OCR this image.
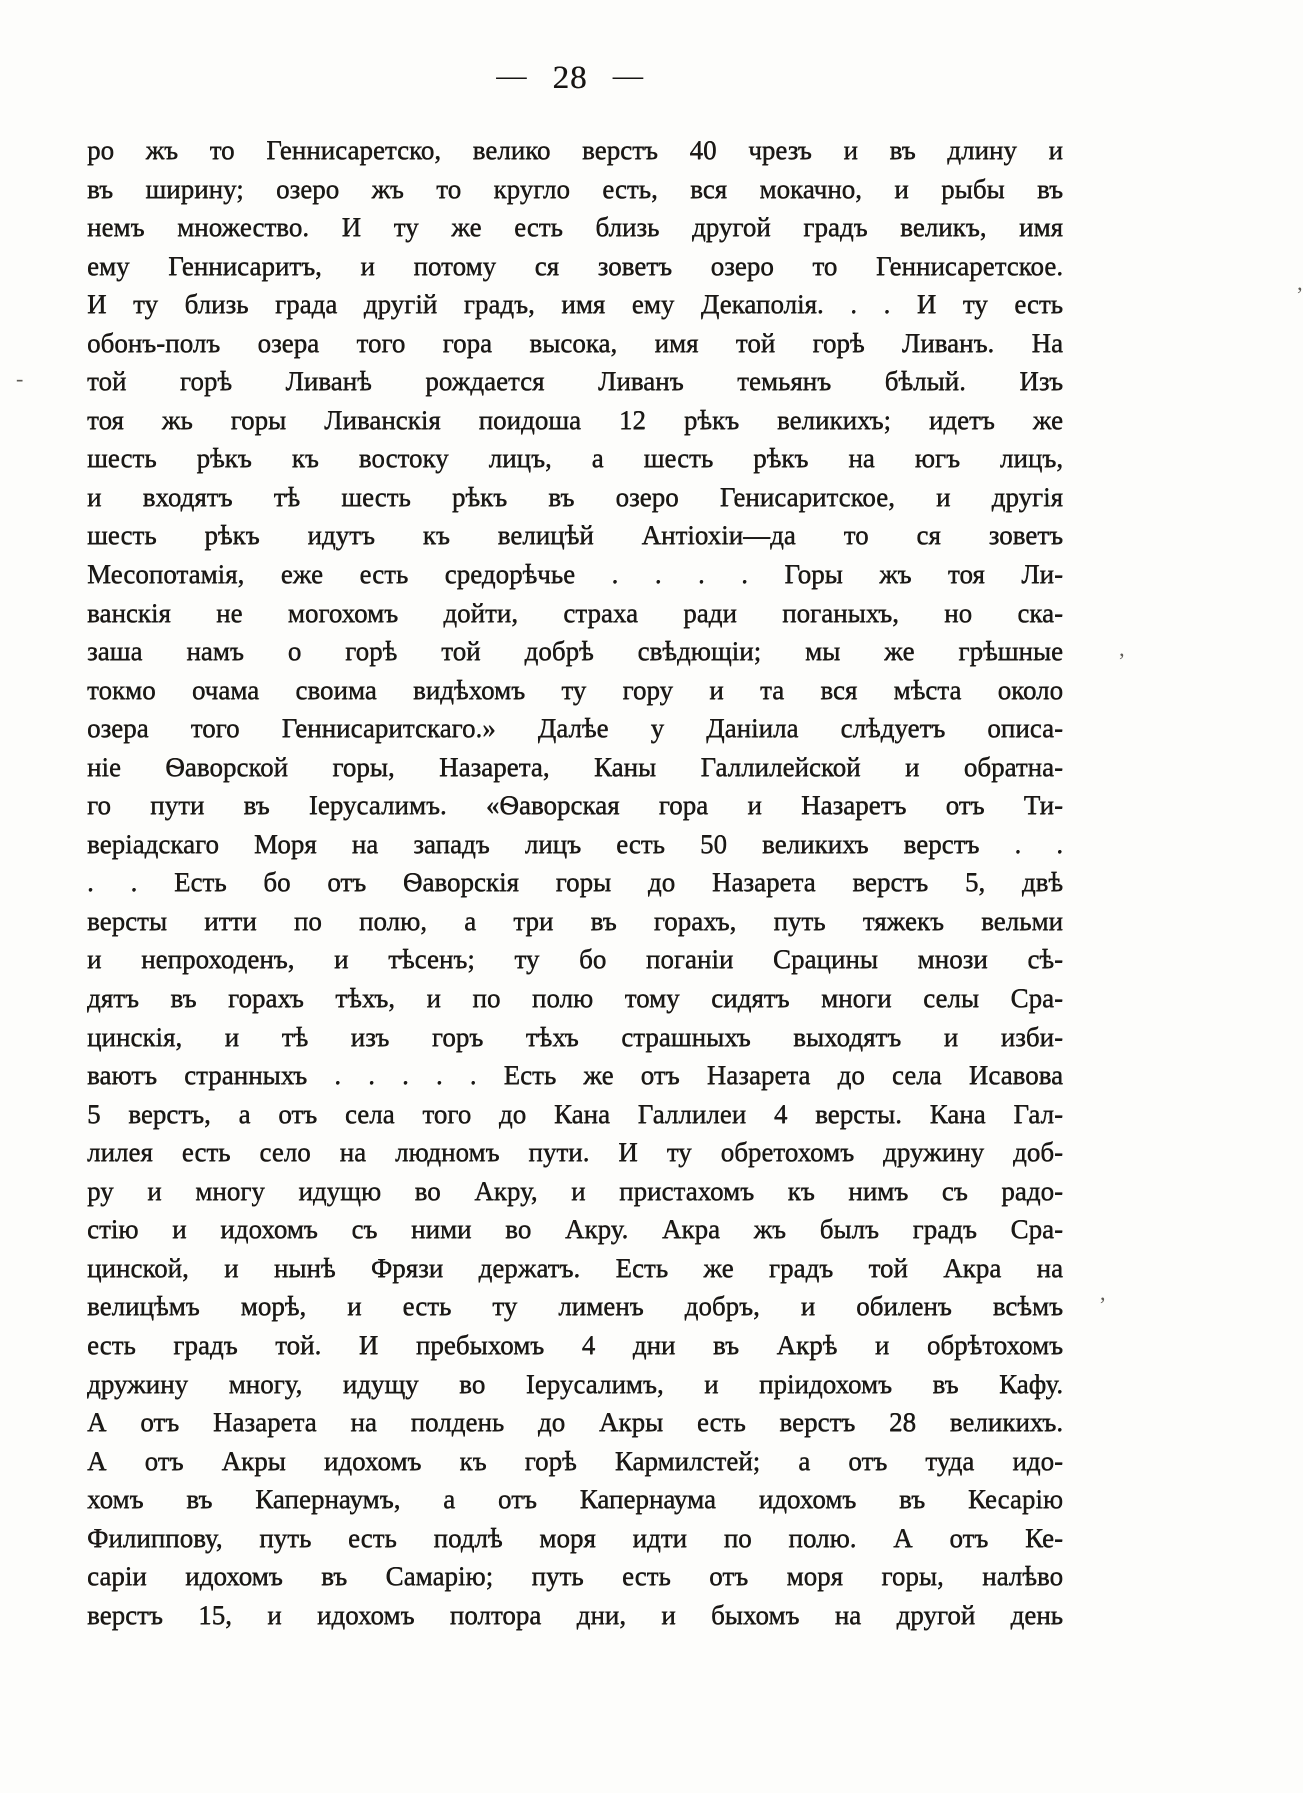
— 28 —
ро жъ то Геннисаретско, велико верстъ 40 чрезъ и въ длину и
въ ширину; озеро жъ то кругло есть, вся мокачно, и рыбы въ
немъ множество. И ту же есть близь другой градъ великъ, имя
ему Геннисаритъ, и потому ся зоветъ озеро то Геннисаретское.
И ту близь града другій градъ, имя ему Декаполія. . . И ту есть
обонъ-полъ озера того гора высока, имя той горѣ Ливанъ. На
той горѣ Ливанѣ рождается Ливанъ темьянъ бѣлый. Изъ
тоя жь горы Ливанскія поидоша 12 рѣкъ великихъ; идетъ же
шесть рѣкъ къ востоку лицъ, а шесть рѣкъ на югъ лицъ,
и входятъ тѣ шесть рѣкъ въ озеро Генисаритское, и другія
шесть рѣкъ идутъ къ велицѣй Антіохіи—да то ся зоветъ
Месопотамія, еже есть средорѣчье . . . . Горы жъ тоя Ли-
ванскія не могохомъ дойти, страха ради поганыхъ, но ска-
заша намъ о горѣ той добрѣ свѣдющіи; мы же грѣшные
токмо очама своима видѣхомъ ту гору и та вся мѣста около
озера того Геннисаритскаго.» Далѣе у Даніила слѣдуетъ описа-
ніе Ѳаворской горы, Назарета, Каны Галлилейской и обратна-
го пути въ Іерусалимъ. «Ѳаворская гора и Назаретъ отъ Ти-
веріадскаго Моря на западъ лицъ есть 50 великихъ верстъ . .
. . Есть бо отъ Ѳаворскія горы до Назарета верстъ 5, двѣ
версты итти по полю, а три въ горахъ, путь тяжекъ вельми
и непроходенъ, и тѣсенъ; ту бо поганіи Срацины мнози сѣ-
дятъ въ горахъ тѣхъ, и по полю тому сидятъ многи селы Сра-
цинскія, и тѣ изъ горъ тѣхъ страшныхъ выходятъ и изби-
ваютъ странныхъ . . . . . Есть же отъ Назарета до села Исавова
5 верстъ, а отъ села того до Кана Галлилеи 4 версты. Кана Гал-
лилея есть село на людномъ пути. И ту обретохомъ дружину доб-
ру и многу идущю во Акру, и пристахомъ къ нимъ съ радо-
стію и идохомъ съ ними во Акру. Акра жъ былъ градъ Сра-
цинской, и нынѣ Фрязи держатъ. Есть же градъ той Акра на
велицѣмъ морѣ, и есть ту лименъ добръ, и обиленъ всѣмъ
есть градъ той. И пребыхомъ 4 дни въ Акрѣ и обрѣтохомъ
дружину многу, идущу во Іерусалимъ, и пріидохомъ въ Кафу.
А отъ Назарета на полдень до Акры есть верстъ 28 великихъ.
А отъ Акры идохомъ къ горѣ Кармилстей; а отъ туда идо-
хомъ въ Капернаумъ, а отъ Капернаума идохомъ въ Кесарію
Филиппову, путь есть подлѣ моря идти по полю. А отъ Ке-
саріи идохомъ въ Самарію; путь есть отъ моря горы, налѣво
верстъ 15, и идохомъ полтора дни, и быхомъ на другой день
-
’
’
,
